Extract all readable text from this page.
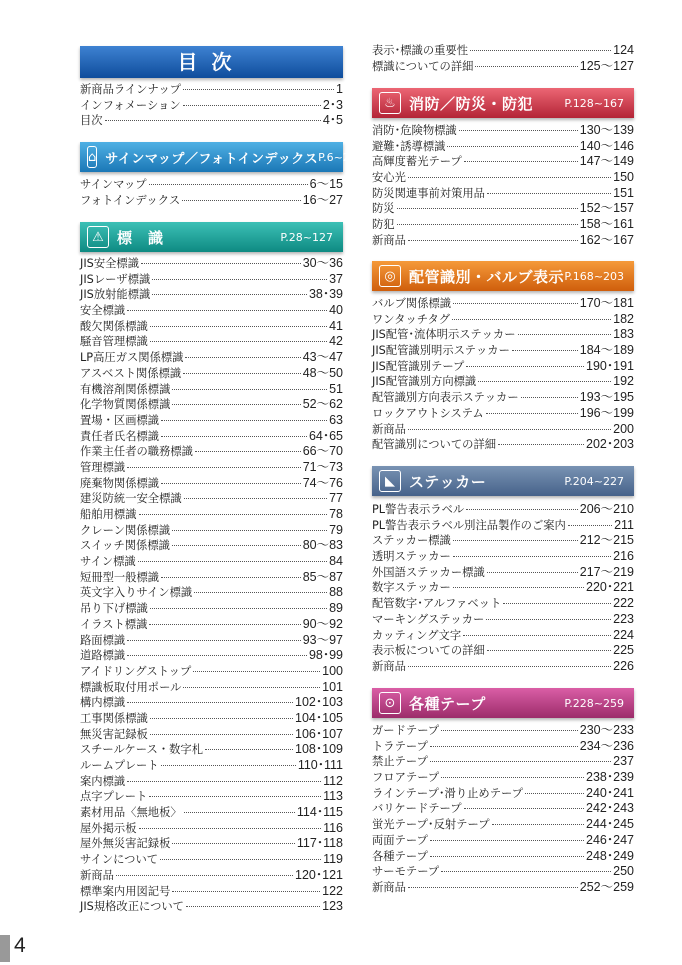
目次
新商品ラインナップ	1
インフォメーション	2･3
目次	4･5
⌂ サインマップ／フォトインデックス P.6~27
サインマップ	6～15
フォトインデックス	16～27
⚠ 標　識	P.28~127
JIS安全標識	30～36
JISレーザ標識	37
JIS放射能標識	38･39
安全標識	40
酸欠関係標識	41
騒音管理標識	42
LP高圧ガス関係標識	43～47
アスベスト関係標識	48～50
有機溶剤関係標識	51
化学物質関係標識	52～62
置場・区画標識	63
責任者氏名標識	64･65
作業主任者の職務標識	66～70
管理標識	71～73
廃棄物関係標識	74～76
建災防統一安全標識	77
船舶用標識	78
クレーン関係標識	79
スイッチ関係標識	80～83
サイン標識	84
短冊型一般標識	85～87
英文字入りサイン標識	88
吊り下げ標識	89
イラスト標識	90～92
路面標識	93～97
道路標識	98･99
アイドリングストップ	100
標識板取付用ポール	101
構内標識	102･103
工事関係標識	104･105
無災害記録板	106･107
スチールケース・数字札	108･109
ルームプレート	110･111
案内標識	112
点字プレート	113
素材用品〈無地板〉	114･115
屋外掲示板	116
屋外無災害記録板	117･118
サインについて	119
新商品	120･121
標準案内用図記号	122
JIS規格改正について	123
表示･標識の重要性	124
標識についての詳細	125～127
♨ 消防／防災・防犯	P.128~167
消防･危険物標識	130～139
避難･誘導標識	140～146
高輝度蓄光テープ	147～149
安心光	150
防災関連事前対策用品	151
防災	152～157
防犯	158～161
新商品	162～167
◎ 配管識別・バルブ表示 P.168~203
バルブ関係標識	170～181
ワンタッチタグ	182
JIS配管･流体明示ステッカー	183
JIS配管識別明示ステッカー	184～189
JIS配管識別テープ	190･191
JIS配管識別方向標識	192
配管識別方向表示ステッカー	193～195
ロックアウトシステム	196～199
新商品	200
配管識別についての詳細	202･203
◣ ステッカー	P.204~227
PL警告表示ラベル	206～210
PL警告表示ラベル別注品製作のご案内	211
ステッカー標識	212～215
透明ステッカー	216
外国語ステッカー標識	217～219
数字ステッカー	220･221
配管数字･アルファベット	222
マーキングステッカー	223
カッティング文字	224
表示板についての詳細	225
新商品	226
⊙ 各種テープ	P.228~259
ガードテープ	230～233
トラテープ	234～236
禁止テープ	237
フロアテープ	238･239
ラインテープ･滑り止めテープ	240･241
バリケードテープ	242･243
蛍光テープ･反射テープ	244･245
両面テープ	246･247
各種テープ	248･249
サーモテープ	250
新商品	252～259
4
